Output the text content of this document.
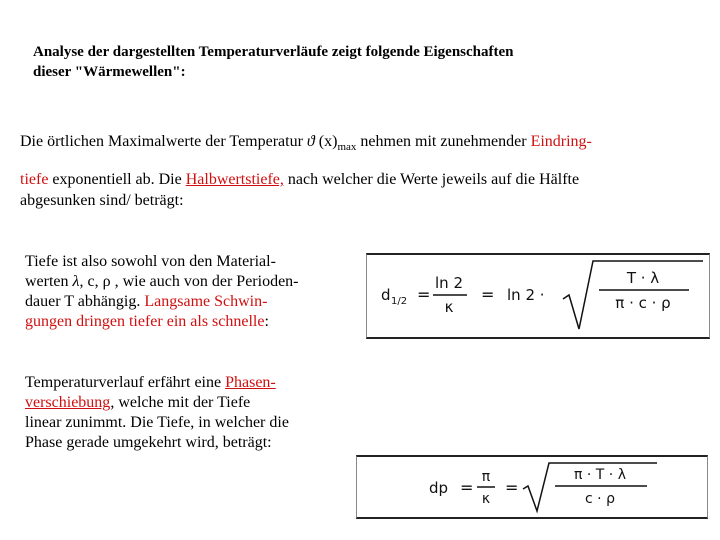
Analyse der dargestellten Temperaturverläufe zeigt folgende Eigenschaften
dieser "Wärmewellen":
Die örtlichen Maximalwerte der Temperatur ϑ $(x)_{max}$ nehmen mit zunehmender Eindring-
tiefe exponentiell ab. Die Halbwertstiefe, nach welcher die Werte jeweils auf die Hälfte
abgesunken sind/ beträgt:
Tiefe ist also sowohl von den Material-
werten λ, c, ρ , wie auch von der Perioden-
dauer T abhängig. Langsame Schwin-
gungen dringen tiefer ein als schnelle:
Temperaturverlauf erfährt eine Phasen-
verschiebung, welche mit der Tiefe
linear zunimmt. Die Tiefe, in welcher die
Phase gerade umgekehrt wird, beträgt:
d 1/2 =
ln 2
κ
= ln 2 ·
T · λ
π · c · ρ
dp =
π
κ
=
π · T · λ
c · ρ
